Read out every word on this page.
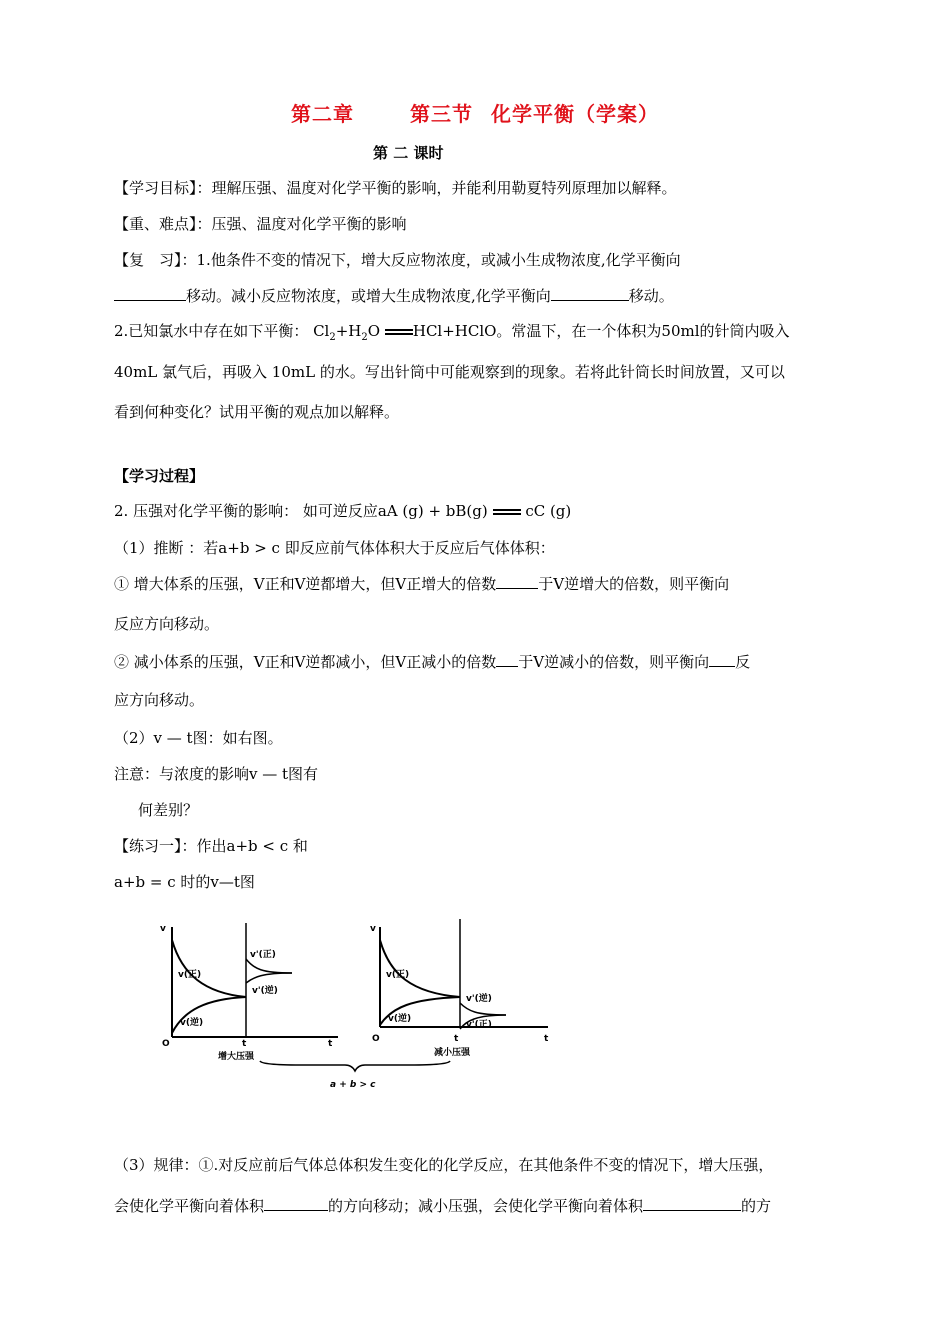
第二章	第三节 化学平衡（学案）
第 二 课时
【学习目标】：理解压强、温度对化学平衡的影响，并能利用勒夏特列原理加以解释。
【重、难点】：压强、温度对化学平衡的影响
【复　习】：1.他条件不变的情况下，增大反应物浓度，或减小生成物浓度,化学平衡向
移动。减小反应物浓度，或增大生成物浓度,化学平衡向	移动。
2.已知氯水中存在如下平衡： $Cl_2+H_2O$ HCl+HClO。常温下，在一个体积为50ml的针筒内吸入
40mL 氯气后，再吸入 10mL 的水。写出针筒中可能观察到的现象。若将此针筒长时间放置，又可以
看到何种变化？试用平衡的观点加以解释。
【学习过程】
2. 压强对化学平衡的影响： 如可逆反应aA (g) + bB(g)	cC (g)
（1）推断 ：若a+b > c 即反应前气体体积大于反应后气体体积：
① 增大体系的压强，V正和V逆都增大，但V正增大的倍数	于V逆增大的倍数，则平衡向
反应方向移动。
② 减小体系的压强，V正和V逆都减小，但V正减小的倍数 于V逆减小的倍数，则平衡向 反
应方向移动。
（2）v — t图：如右图。
注意：与浓度的影响v — t图有
何差别？
【练习一】：作出a+b < c 和
a+b = c 时的v—t图
v
O	t	t
v(正)
v(逆)
v'(正)
v'(逆)
增大压强
v
O	t	t
v(正)
v(逆)
v'(逆)
v'(正)
减小压强
a + b > c
（3）规律：①.对反应前后气体总体积发生变化的化学反应，在其他条件不变的情况下，增大压强，
会使化学平衡向着体积	的方向移动；减小压强，会使化学平衡向着体积	的方
